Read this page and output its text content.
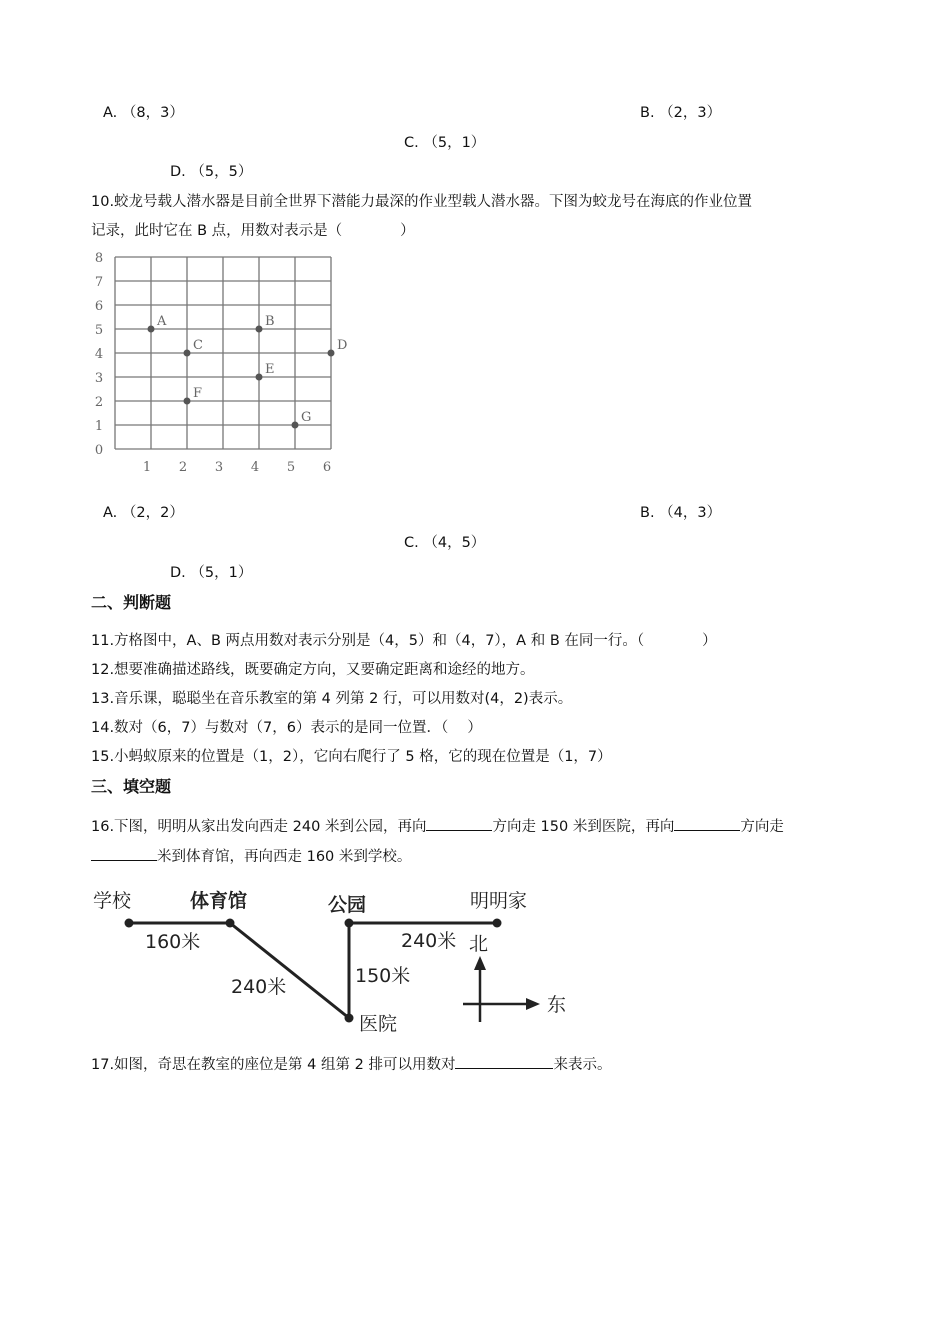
A. （8，3）	B. （2，3）
C. （5，1）
D. （5，5）
10.蛟龙号载人潜水器是目前全世界下潜能力最深的作业型载人潜水器。下图为蛟龙号在海底的作业位置
记录，此时它在 B 点，用数对表示是（　　　　）
8
7
6
5
4
3
2
1
0
1 2 3 4 5 6
A	B
C	D
E
F
G
A. （2，2）	B. （4，3）
C. （4，5）
D. （5，1）
二、判断题
11.方格图中，A、B 两点用数对表示分别是（4，5）和（4，7），A 和 B 在同一行。（　　　　）
12.想要准确描述路线，既要确定方向，又要确定距离和途经的地方。
13.音乐课，聪聪坐在音乐教室的第 4 列第 2 行，可以用数对(4，2)表示。
14.数对（6，7）与数对（7，6）表示的是同一位置．（　 ）
15.小蚂蚁原来的位置是（1，2），它向右爬行了 5 格，它的现在位置是（1，7）
三、填空题
16.下图，明明从家出发向西走 240 米到公园，再向	方向走 150 米到医院，再向	方向走
米到体育馆，再向西走 160 米到学校。
学校	体育馆	公园	明明家
160米
240米	150米
240米
医院
北
东
17.如图，奇思在教室的座位是第 4 组第 2 排可以用数对	来表示。
